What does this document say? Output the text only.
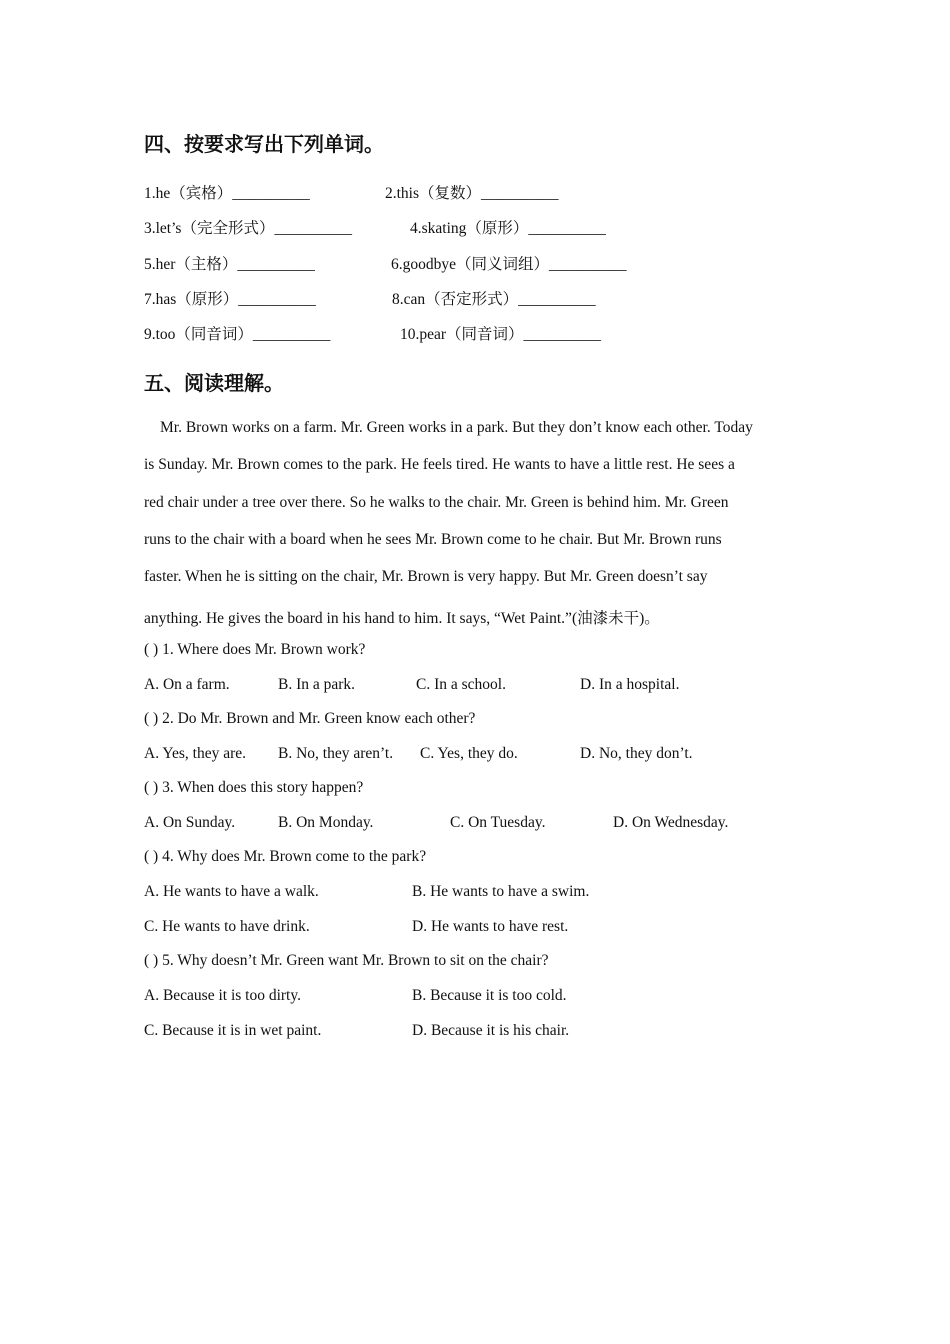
四、按要求写出下列单词。
1.he（宾格）__________	2.this（复数）__________
3.let’s（完全形式）__________	4.skating（原形）__________
5.her（主格）__________	6.goodbye（同义词组）__________
7.has（原形）__________	8.can（否定形式）__________
9.too（同音词）__________	10.pear（同音词）__________
五、阅读理解。
Mr. Brown works on a farm. Mr. Green works in a park. But they don’t know each other. Today
is Sunday. Mr. Brown comes to the park. He feels tired. He wants to have a little rest. He sees a
red chair under a tree over there. So he walks to the chair. Mr. Green is behind him. Mr. Green
runs to the chair with a board when he sees Mr. Brown come to he chair. But Mr. Brown runs
faster. When he is sitting on the chair, Mr. Brown is very happy. But Mr. Green doesn’t say
anything. He gives the board in his hand to him. It says, “Wet Paint.”(油漆未干)。
( ) 1. Where does Mr. Brown work?
A. On a farm.	B. In a park.	C. In a school.	D. In a hospital.
( ) 2. Do Mr. Brown and Mr. Green know each other?
A. Yes, they are. B. No, they aren’t. C. Yes, they do.	D. No, they don’t.
( ) 3. When does this story happen?
A. On Sunday.	B. On Monday.	C. On Tuesday.	D. On Wednesday.
( ) 4. Why does Mr. Brown come to the park?
A. He wants to have a walk.	B. He wants to have a swim.
C. He wants to have drink.	D. He wants to have rest.
( ) 5. Why doesn’t Mr. Green want Mr. Brown to sit on the chair?
A. Because it is too dirty.	B. Because it is too cold.
C. Because it is in wet paint.	D. Because it is his chair.
